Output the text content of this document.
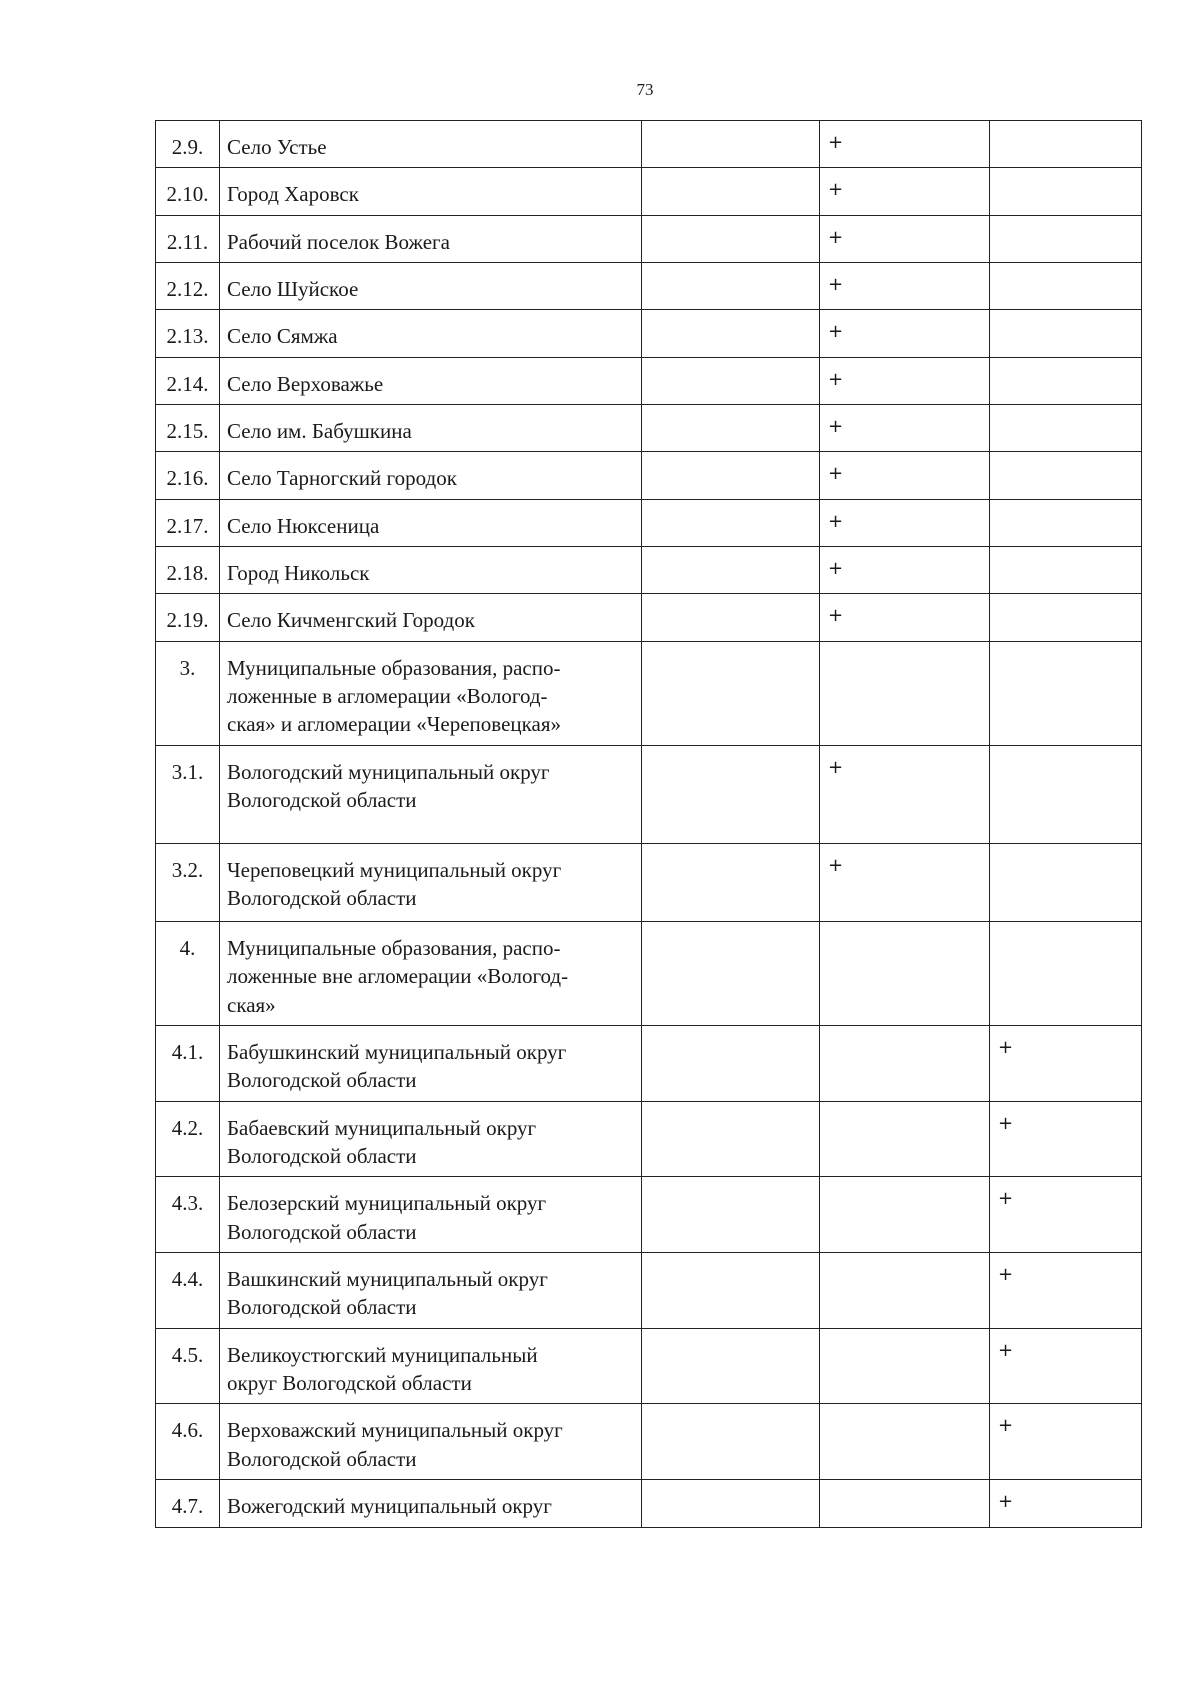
73
2.9.	Село Устье		+	
2.10.	Город Харовск		+	
2.11.	Рабочий поселок Вожега		+	
2.12.	Село Шуйское		+	
2.13.	Село Сямжа		+	
2.14.	Село Верховажье		+	
2.15.	Село им. Бабушкина		+	
2.16.	Село Тарногский городок		+	
2.17.	Село Нюксеница		+	
2.18.	Город Никольск		+	
2.19.	Село Кичменгский Городок		+	
3.	Муниципальные образования, распо-
ложенные в агломерации «Вологод-
ская» и агломерации «Череповецкая»			

3.1.	Вологодский муниципальный округ
Вологодской области		+	
3.2.	Череповецкий муниципальный округ
Вологодской области		+	
4.	Муниципальные образования, распо-
ложенные вне агломерации «Вологод-
ская»			

4.1.	Бабушкинский муниципальный округ
Вологодской области			+
4.2.	Бабаевский муниципальный округ
Вологодской области			+
4.3.	Белозерский муниципальный округ
Вологодской области			+
4.4.	Вашкинский муниципальный округ
Вологодской области			+
4.5.	Великоустюгский муниципальный
округ Вологодской области			+
4.6.	Верховажский муниципальный округ
Вологодской области			+
4.7.	Вожегодский муниципальный округ			+
